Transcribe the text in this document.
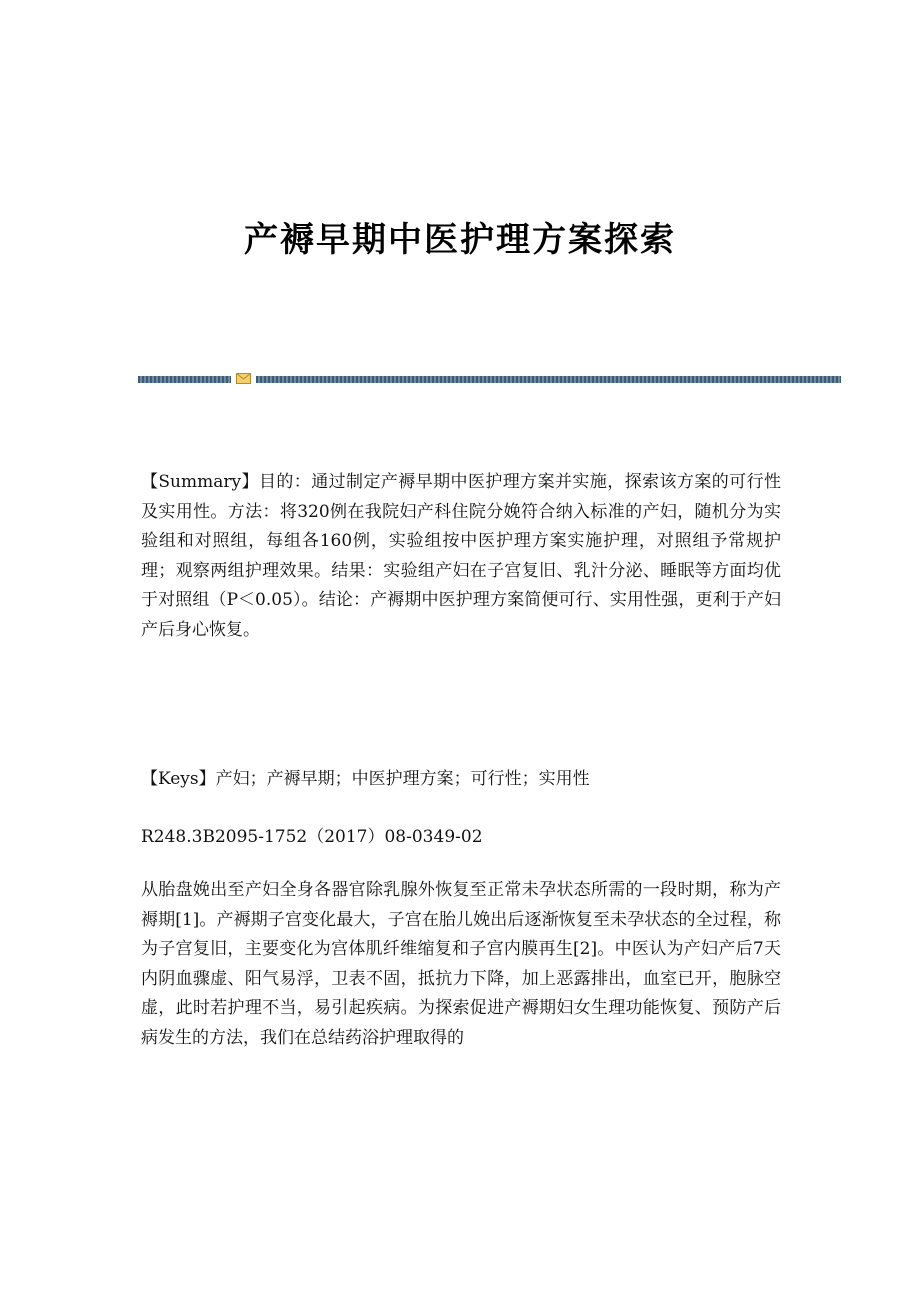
产褥早期中医护理方案探索

【Summary】目的：通过制定产褥早期中医护理方案并实施，探索该方案的可行性及实用性。方法：将320例在我院妇产科住院分娩符合纳入标准的产妇，随机分为实验组和对照组，每组各160例，实验组按中医护理方案实施护理，对照组予常规护理；观察两组护理效果。结果：实验组产妇在子宫复旧、乳汁分泌、睡眠等方面均优于对照组（P＜0.05）。结论：产褥期中医护理方案简便可行、实用性强，更利于产妇产后身心恢复。

【Keys】产妇；产褥早期；中医护理方案；可行性；实用性

R248.3B2095-1752（2017）08-0349-02

从胎盘娩出至产妇全身各器官除乳腺外恢复至正常未孕状态所需的一段时期，称为产褥期[1]。产褥期子宫变化最大，子宫在胎儿娩出后逐渐恢复至未孕状态的全过程，称为子宫复旧，主要变化为宫体肌纤维缩复和子宫内膜再生[2]。中医认为产妇产后7天内阴血骤虚、阳气易浮，卫表不固，抵抗力下降，加上恶露排出，血室已开，胞脉空虚，此时若护理不当，易引起疾病。为探索促进产褥期妇女生理功能恢复、预防产后病发生的方法，我们在总结药浴护理取得的
